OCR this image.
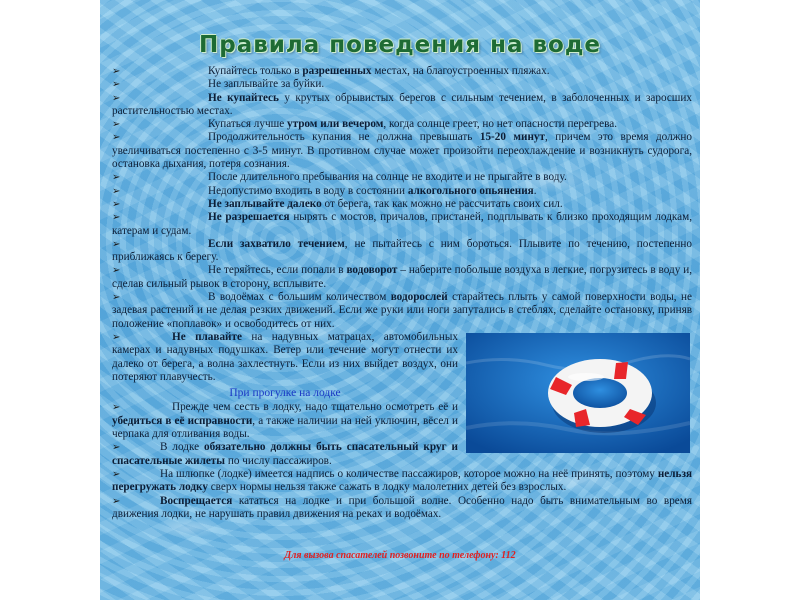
Правила поведения на воде

➢	Купайтесь только в разрешенных местах, на благоустроенных пляжах.

➢	Не заплывайте за буйки.

➢	Не купайтесь у крутых обрывистых берегов с сильным течением, в заболоченных и заросших растительностью местах.

➢	Купаться лучше утром или вечером, когда солнце греет, но нет опасности перегрева.

➢	Продолжительность купания не должна превышать 15-20 минут, причем это время должно увеличиваться постепенно с 3-5 минут. В противном случае может произойти переохлаждение и возникнуть судорога, остановка дыхания, потеря сознания.

➢	После длительного пребывания на солнце не входите и не прыгайте в воду.

➢	Недопустимо входить в воду в состоянии алкогольного опьянения.

➢	Не заплывайте далеко от берега, так как можно не рассчитать своих сил.

➢	Не разрешается нырять с мостов, причалов, пристаней, подплывать к близко проходящим лодкам, катерам и судам.

➢	Если захватило течением, не пытайтесь с ним бороться. Плывите по течению, постепенно приближаясь к берегу.

➢	Не теряйтесь, если попали в водоворот – наберите побольше воздуха в легкие, погрузитесь в воду и, сделав сильный рывок в сторону, всплывите.

➢	В водоёмах с большим количеством водорослей старайтесь плыть у самой поверхности воды, не задевая растений и не делая резких движений. Если же руки или ноги запутались в стеблях, сделайте остановку, приняв положение «поплавок» и освободитесь от них.

➢	Не плавайте на надувных матрацах, автомобильных камерах и надувных подушках. Ветер или течение могут отнести их далеко от берега, а волна захлестнуть. Если из них выйдет воздух, они потеряют плавучесть.

При прогулке на лодке

➢	Прежде чем сесть в лодку, надо тщательно осмотреть её и убедиться в её исправности, а также наличии на ней уключин, вёсел и черпака для отливания воды.

➢	В лодке обязательно должны быть спасательный круг и спасательные жилеты по числу пассажиров.

➢	На шлюпке (лодке) имеется надпись о количестве пассажиров, которое можно на неё принять, поэтому нельзя перегружать лодку сверх нормы нельзя также сажать в лодку малолетних детей без взрослых.

➢	Воспрещается кататься на лодке и при большой волне. Особенно надо быть внимательным во время движения лодки, не нарушать правил движения на реках и водоёмах.

Для вызова спасателей позвоните по телефону: 112
